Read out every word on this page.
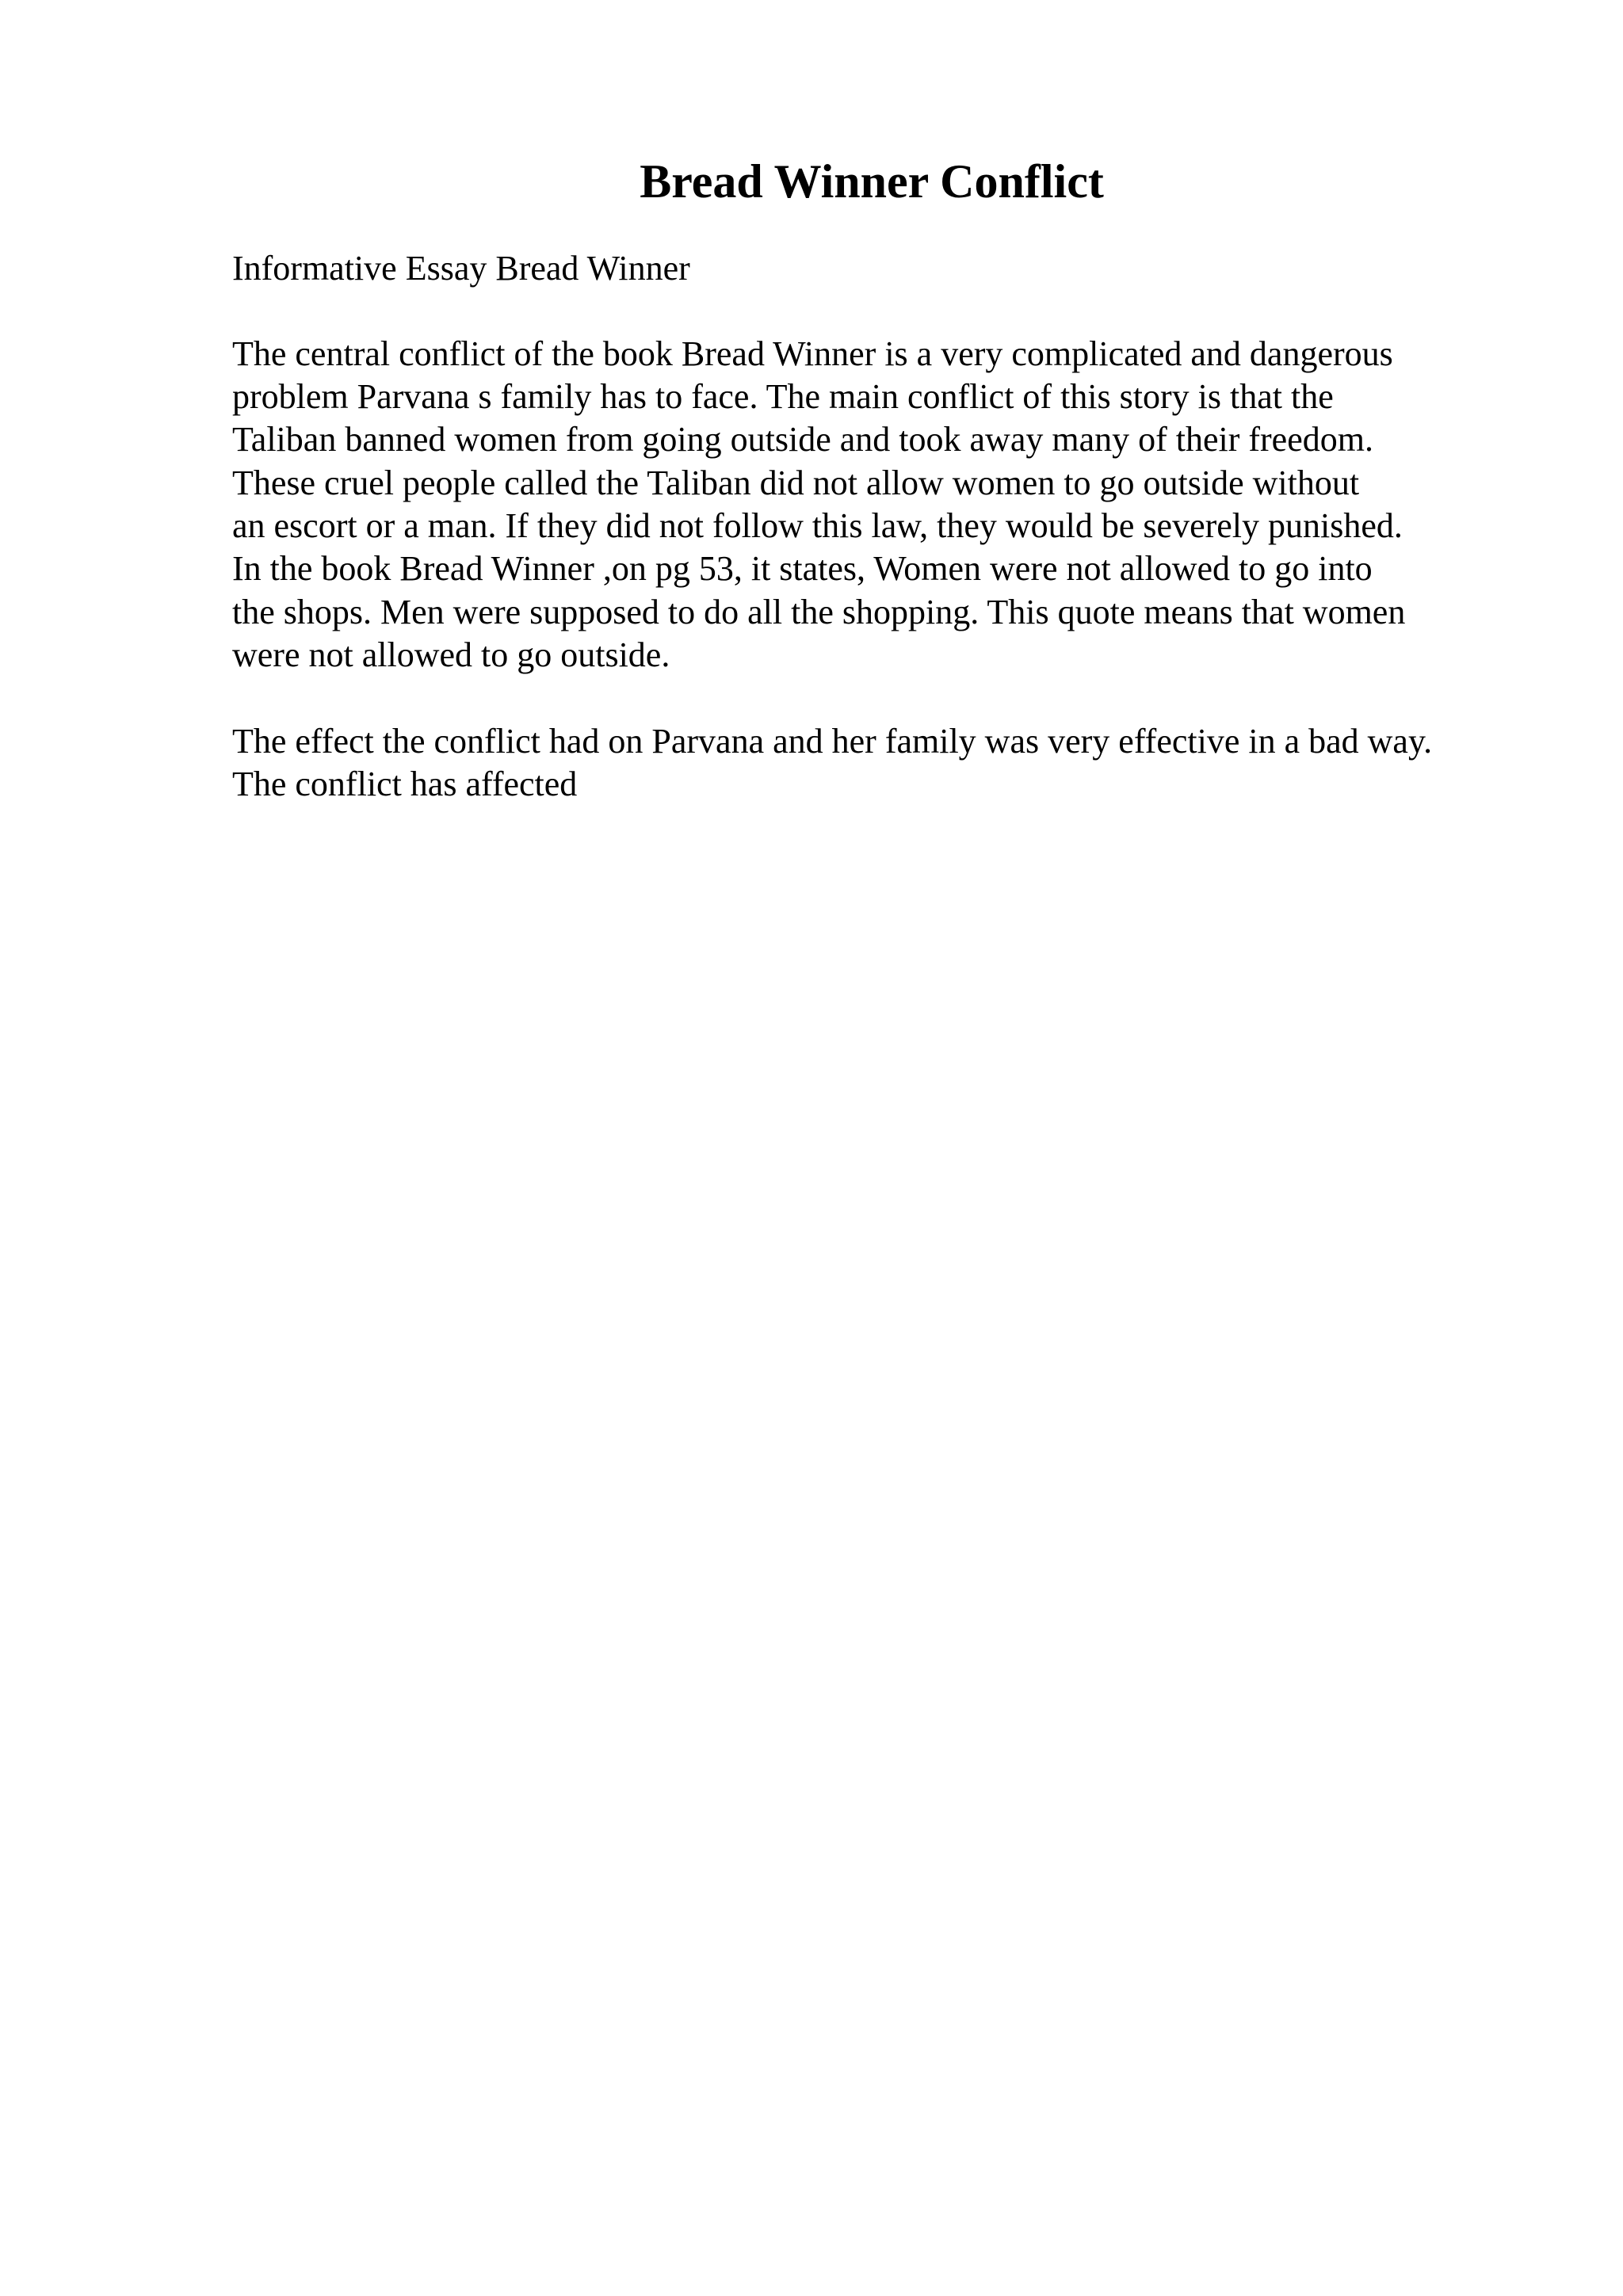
Bread Winner Conflict

Informative Essay Bread Winner

The central conflict of the book Bread Winner is a very complicated and dangerous

problem Parvana s family has to face. The main conflict of this story is that the

Taliban banned women from going outside and took away many of their freedom.

These cruel people called the Taliban did not allow women to go outside without

an escort or a man. If they did not follow this law, they would be severely punished.

In the book Bread Winner ,on pg 53, it states, Women were not allowed to go into

the shops. Men were supposed to do all the shopping. This quote means that women

were not allowed to go outside.

The effect the conflict had on Parvana and her family was very effective in a bad way.

The conflict has affected
